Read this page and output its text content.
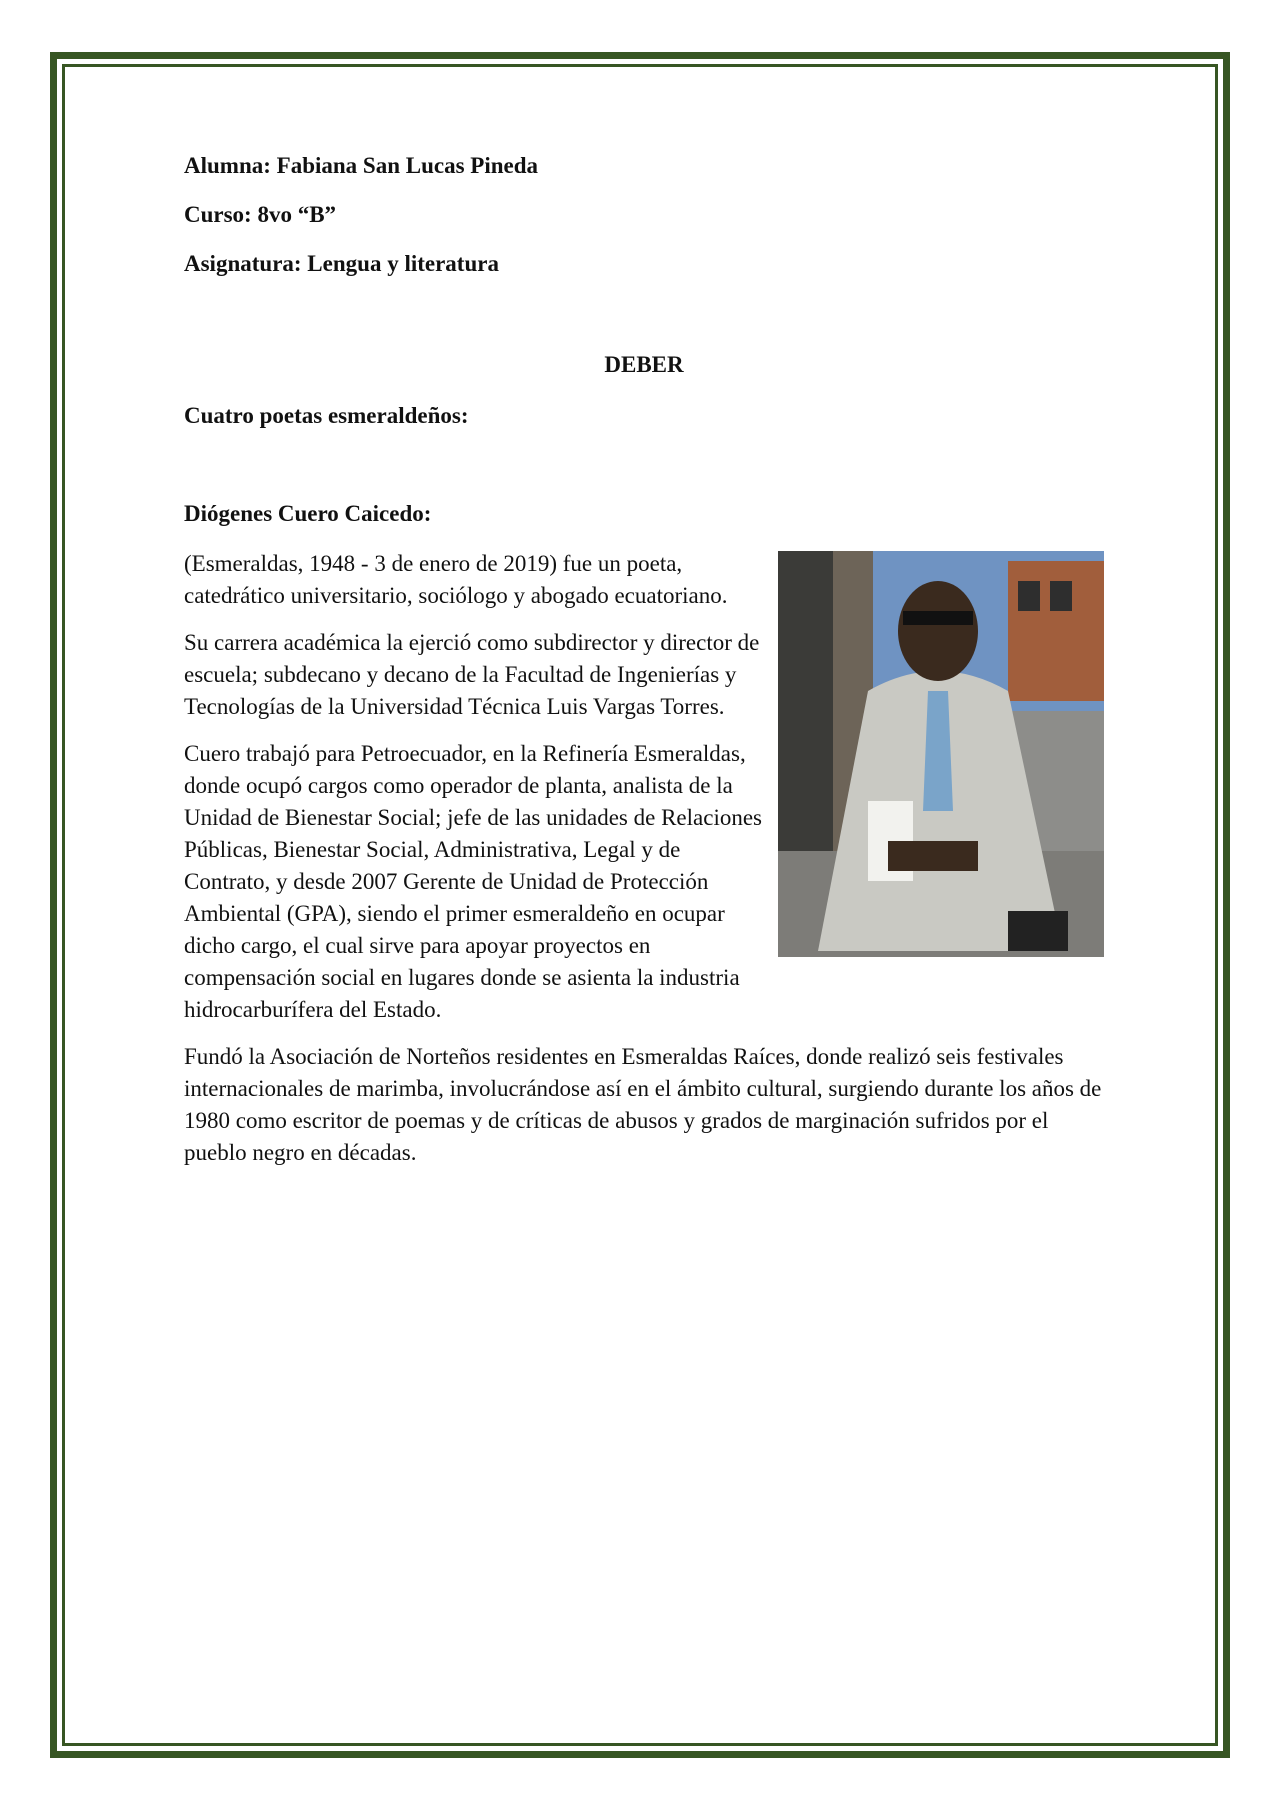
Alumna: Fabiana San Lucas Pineda

Curso: 8vo “B”

Asignatura: Lengua y literatura

DEBER

Cuatro poetas esmeraldeños:

Diógenes Cuero Caicedo:

(Esmeraldas, 1948 - 3 de enero de 2019) fue un poeta, catedrático universitario, sociólogo y abogado ecuatoriano.

Su carrera académica la ejerció como subdirector y director de escuela; subdecano y decano de la Facultad de Ingenierías y Tecnologías de la Universidad Técnica Luis Vargas Torres.

Cuero trabajó para Petroecuador, en la Refinería Esmeraldas, donde ocupó cargos como operador de planta, analista de la Unidad de Bienestar Social; jefe de las unidades de Relaciones Públicas, Bienestar Social, Administrativa, Legal y de Contrato, y desde 2007 Gerente de Unidad de Protección Ambiental (GPA), siendo el primer esmeraldeño en ocupar dicho cargo, el cual sirve para apoyar proyectos en compensación social en lugares donde se asienta la industria hidrocarburífera del Estado.

Fundó la Asociación de Norteños residentes en Esmeraldas Raíces, donde realizó seis festivales internacionales de marimba, involucrándose así en el ámbito cultural, surgiendo durante los años de 1980 como escritor de poemas y de críticas de abusos y grados de marginación sufridos por el pueblo negro en décadas.
